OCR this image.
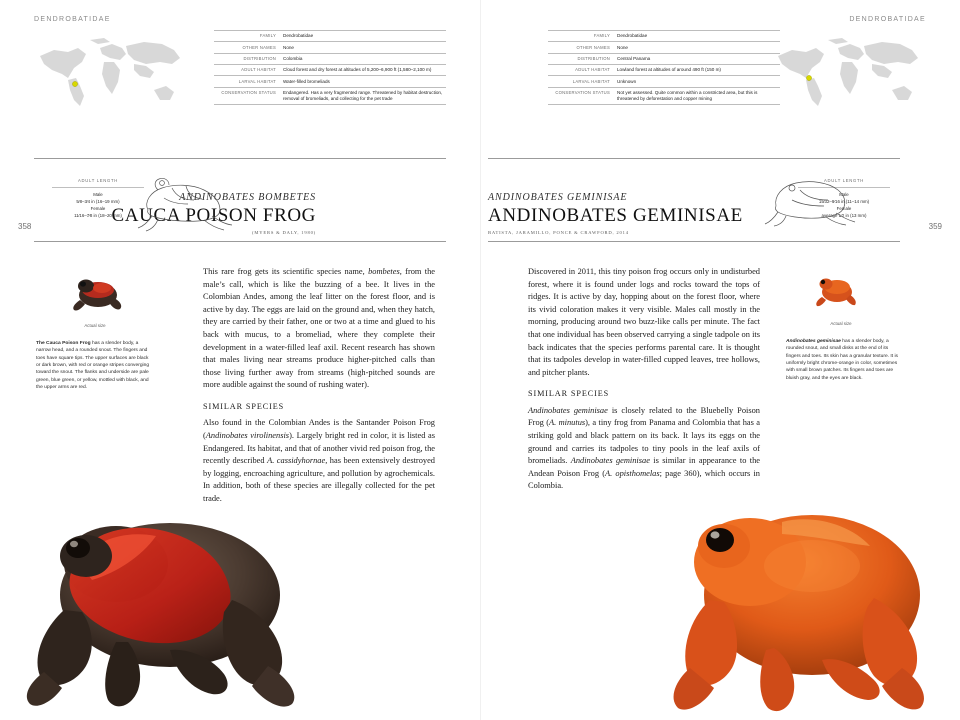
DENDROBATIDAE	DENDROBATIDAE
358	359
FAMILY	Dendrobatidae
OTHER NAMES	None
DISTRIBUTION	Colombia
ADULT HABITAT	Cloud forest and dry forest at altitudes of 5,200–6,900 ft (1,580–2,100 m)
LARVAL HABITAT	Water-filled bromeliads
CONSERVATION STATUS	Endangered. Has a very fragmented range. Threatened by habitat destruction, removal of bromeliads, and collecting for the pet trade
FAMILY	Dendrobatidae
OTHER NAMES	None
DISTRIBUTION	Central Panama
ADULT HABITAT	Lowland forest at altitudes of around 490 ft (150 m)
LARVAL HABITAT	Unknown
CONSERVATION STATUS	Not yet assessed. Quite common within a constricted area, but this is threatened by deforestation and copper mining
ADULT LENGTH
Male
5⁄8–3⁄4 in (16–19 mm)
Female
11⁄16–7⁄8 in (18–20 mm)
ANDINOBATES BOMBETES
CAUCA POISON FROG
(MYERS & DALY, 1980)
ADULT LENGTH
Male
15⁄32–9⁄16 in (11–14 mm)
Female
average 1⁄2 in (13 mm)
ANDINOBATES GEMINISAE
ANDINOBATES GEMINISAE
BATISTA, JARAMILLO, PONCE & CRAWFORD, 2014
Actual size	Actual size
The Cauca Poison Frog has a slender body, a narrow head, and a rounded snout. The fingers and toes have square tips. The upper surfaces are black or dark brown, with red or orange stripes converging toward the snout. The flanks and underside are pale green, blue green, or yellow, mottled with black, and the upper arms are red.
Andinobates geminisae has a slender body, a rounded snout, and small disks at the end of its fingers and toes. Its skin has a granular texture. It is uniformly bright chrome-orange in color, sometimes with small brown patches. Its fingers and toes are bluish gray, and the eyes are black.

This rare frog gets its scientific species name, bombetes, from the male’s call, which is like the buzzing of a bee. It lives in the Colombian Andes, among the leaf litter on the forest floor, and is active by day. The eggs are laid on the ground and, when they hatch, they are carried by their father, one or two at a time and glued to his back with mucus, to a bromeliad, where they complete their development in a water-filled leaf axil. Recent research has shown that males living near streams produce higher-pitched calls than those living further away from streams (high-pitched sounds are more audible against the sound of rushing water).

SIMILAR SPECIES

Also found in the Colombian Andes is the Santander Poison Frog (Andinobates virolinensis). Largely bright red in color, it is listed as Endangered. Its habitat, and that of another vivid red poison frog, the recently described A. cassidyhornae, has been extensively destroyed by logging, encroaching agriculture, and pollution by agrochemicals. In addition, both of these species are illegally collected for the pet trade.

Discovered in 2011, this tiny poison frog occurs only in undisturbed forest, where it is found under logs and rocks toward the tops of ridges. It is active by day, hopping about on the forest floor, where its vivid coloration makes it very visible. Males call mostly in the morning, producing around two buzz-like calls per minute. The fact that one individual has been observed carrying a single tadpole on its back indicates that the species performs parental care. It is thought that its tadpoles develop in water-filled cupped leaves, tree hollows, and pitcher plants.

SIMILAR SPECIES

Andinobates geminisae is closely related to the Bluebelly Poison Frog (A. minutus), a tiny frog from Panama and Colombia that has a striking gold and black pattern on its back. It lays its eggs on the ground and carries its tadpoles to tiny pools in the leaf axils of bromeliads. Andinobates geminisae is similar in appearance to the Andean Poison Frog (A. opisthomelas; page 360), which occurs in Colombia.
